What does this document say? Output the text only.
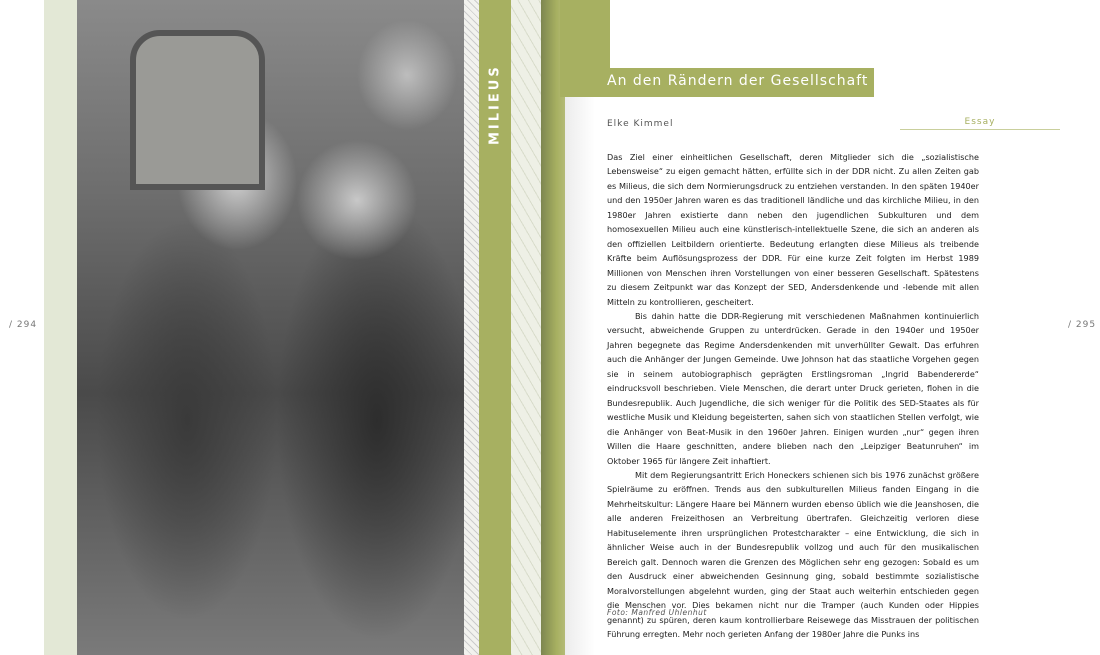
MILIEUS
/ 294
An den Rändern der Gesellschaft
Elke Kimmel	Essay

Das Ziel einer einheitlichen Gesellschaft, deren Mitglieder sich die „sozialistische Lebensweise“ zu eigen gemacht hätten, erfüllte sich in der DDR nicht. Zu allen Zeiten gab es Milieus, die sich dem Normierungsdruck zu entziehen verstanden. In den späten 1940er und den 1950er Jahren waren es das traditionell ländliche und das kirchliche Milieu, in den 1980er Jahren existierte dann neben den jugendlichen Subkulturen und dem homosexuellen Milieu auch eine künstlerisch-intellektuelle Szene, die sich an anderen als den offiziellen Leitbildern orientierte. Bedeutung erlangten diese Milieus als treibende Kräfte beim Auflösungsprozess der DDR. Für eine kurze Zeit folgten im Herbst 1989 Millionen von Menschen ihren Vorstellungen von einer besseren Gesellschaft. Spätestens zu diesem Zeitpunkt war das Konzept der SED, Andersdenkende und -lebende mit allen Mitteln zu kontrollieren, gescheitert.

Bis dahin hatte die DDR-Regierung mit verschiedenen Maßnahmen kontinuierlich versucht, abweichende Gruppen zu unterdrücken. Gerade in den 1940er und 1950er Jahren begegnete das Regime Andersdenkenden mit unverhüllter Gewalt. Das erfuhren auch die Anhänger der Jungen Gemeinde. Uwe Johnson hat das staatliche Vorgehen gegen sie in seinem autobiographisch geprägten Erstlingsroman „Ingrid Babendererde“ eindrucksvoll beschrieben. Viele Menschen, die derart unter Druck gerieten, flohen in die Bundesrepublik. Auch Jugendliche, die sich weniger für die Politik des SED-Staates als für westliche Musik und Kleidung begeisterten, sahen sich von staatlichen Stellen verfolgt, wie die Anhänger von Beat-Musik in den 1960er Jahren. Einigen wurden „nur“ gegen ihren Willen die Haare geschnitten, andere blieben nach den „Leipziger Beatunruhen“ im Oktober 1965 für längere Zeit inhaftiert.

Mit dem Regierungsantritt Erich Honeckers schienen sich bis 1976 zunächst größere Spielräume zu eröffnen. Trends aus den subkulturellen Milieus fanden Eingang in die Mehrheitskultur: Längere Haare bei Männern wurden ebenso üblich wie die Jeanshosen, die alle anderen Freizeithosen an Verbreitung übertrafen. Gleichzeitig verloren diese Habituselemente ihren ursprünglichen Protestcharakter – eine Entwicklung, die sich in ähnlicher Weise auch in der Bundesrepublik vollzog und auch für den musikalischen Bereich galt. Dennoch waren die Grenzen des Möglichen sehr eng gezogen: Sobald es um den Ausdruck einer abweichenden Gesinnung ging, sobald bestimmte sozialistische Moralvorstellungen abgelehnt wurden, ging der Staat auch weiterhin entschieden gegen die Menschen vor. Dies bekamen nicht nur die Tramper (auch Kunden oder Hippies genannt) zu spüren, deren kaum kontrollierbare Reisewege das Misstrauen der politischen Führung erregten. Mehr noch gerieten Anfang der 1980er Jahre die Punks ins

Foto: Manfred Uhlenhut
/ 295
